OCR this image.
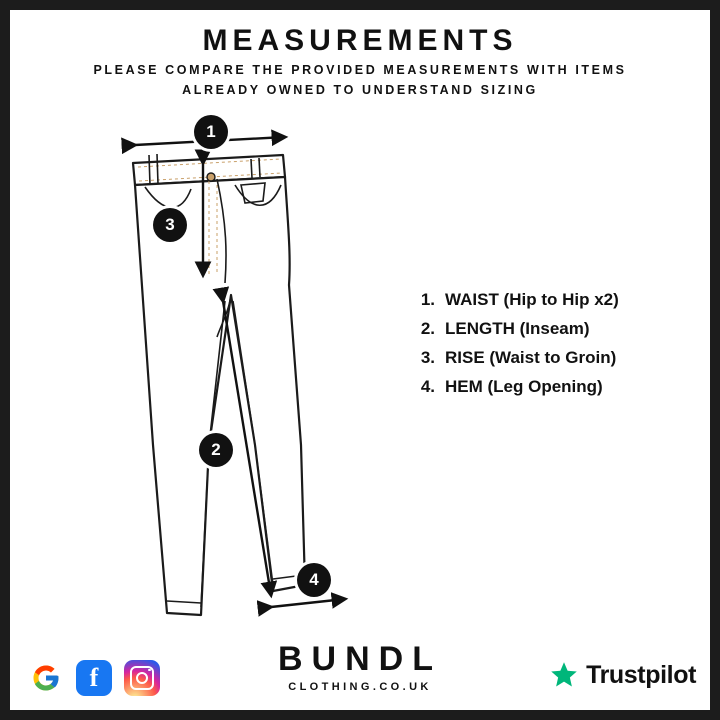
MEASUREMENTS
PLEASE COMPARE THE PROVIDED MEASUREMENTS WITH ITEMS ALREADY OWNED TO UNDERSTAND SIZING
1
3
2
4
1. WAIST (Hip to Hip x2)
2. LENGTH (Inseam)
3. RISE (Waist to Groin)
4. HEM (Leg Opening)
BUNDL
CLOTHING.CO.UK
f	Trustpilot
